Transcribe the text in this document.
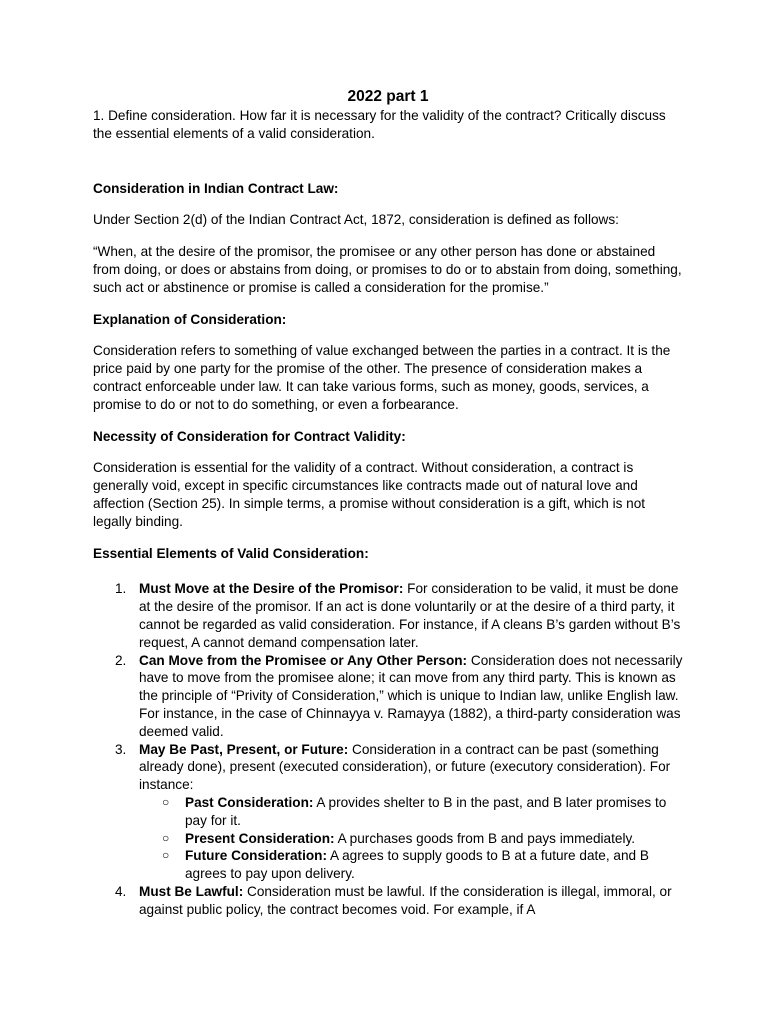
2022 part 1

1. Define consideration. How far it is necessary for the validity of the contract? Critically discuss the essential elements of a valid consideration.

Consideration in Indian Contract Law:

Under Section 2(d) of the Indian Contract Act, 1872, consideration is defined as follows:

“When, at the desire of the promisor, the promisee or any other person has done or abstained from doing, or does or abstains from doing, or promises to do or to abstain from doing, something, such act or abstinence or promise is called a consideration for the promise.”

Explanation of Consideration:

Consideration refers to something of value exchanged between the parties in a contract. It is the price paid by one party for the promise of the other. The presence of consideration makes a contract enforceable under law. It can take various forms, such as money, goods, services, a promise to do or not to do something, or even a forbearance.

Necessity of Consideration for Contract Validity:

Consideration is essential for the validity of a contract. Without consideration, a contract is generally void, except in specific circumstances like contracts made out of natural love and affection (Section 25). In simple terms, a promise without consideration is a gift, which is not legally binding.

Essential Elements of Valid Consideration:

1. Must Move at the Desire of the Promisor: For consideration to be valid, it must be done at the desire of the promisor. If an act is done voluntarily or at the desire of a third party, it cannot be regarded as valid consideration. For instance, if A cleans B’s garden without B’s request, A cannot demand compensation later.
2. Can Move from the Promisee or Any Other Person: Consideration does not necessarily have to move from the promisee alone; it can move from any third party. This is known as the principle of “Privity of Consideration,” which is unique to Indian law, unlike English law. For instance, in the case of Chinnayya v. Ramayya (1882), a third-party consideration was deemed valid.
3. May Be Past, Present, or Future: Consideration in a contract can be past (something already done), present (executed consideration), or future (executory consideration). For instance:
○ Past Consideration: A provides shelter to B in the past, and B later promises to pay for it.
○ Present Consideration: A purchases goods from B and pays immediately.
○ Future Consideration: A agrees to supply goods to B at a future date, and B agrees to pay upon delivery.
4. Must Be Lawful: Consideration must be lawful. If the consideration is illegal, immoral, or against public policy, the contract becomes void. For example, if A
